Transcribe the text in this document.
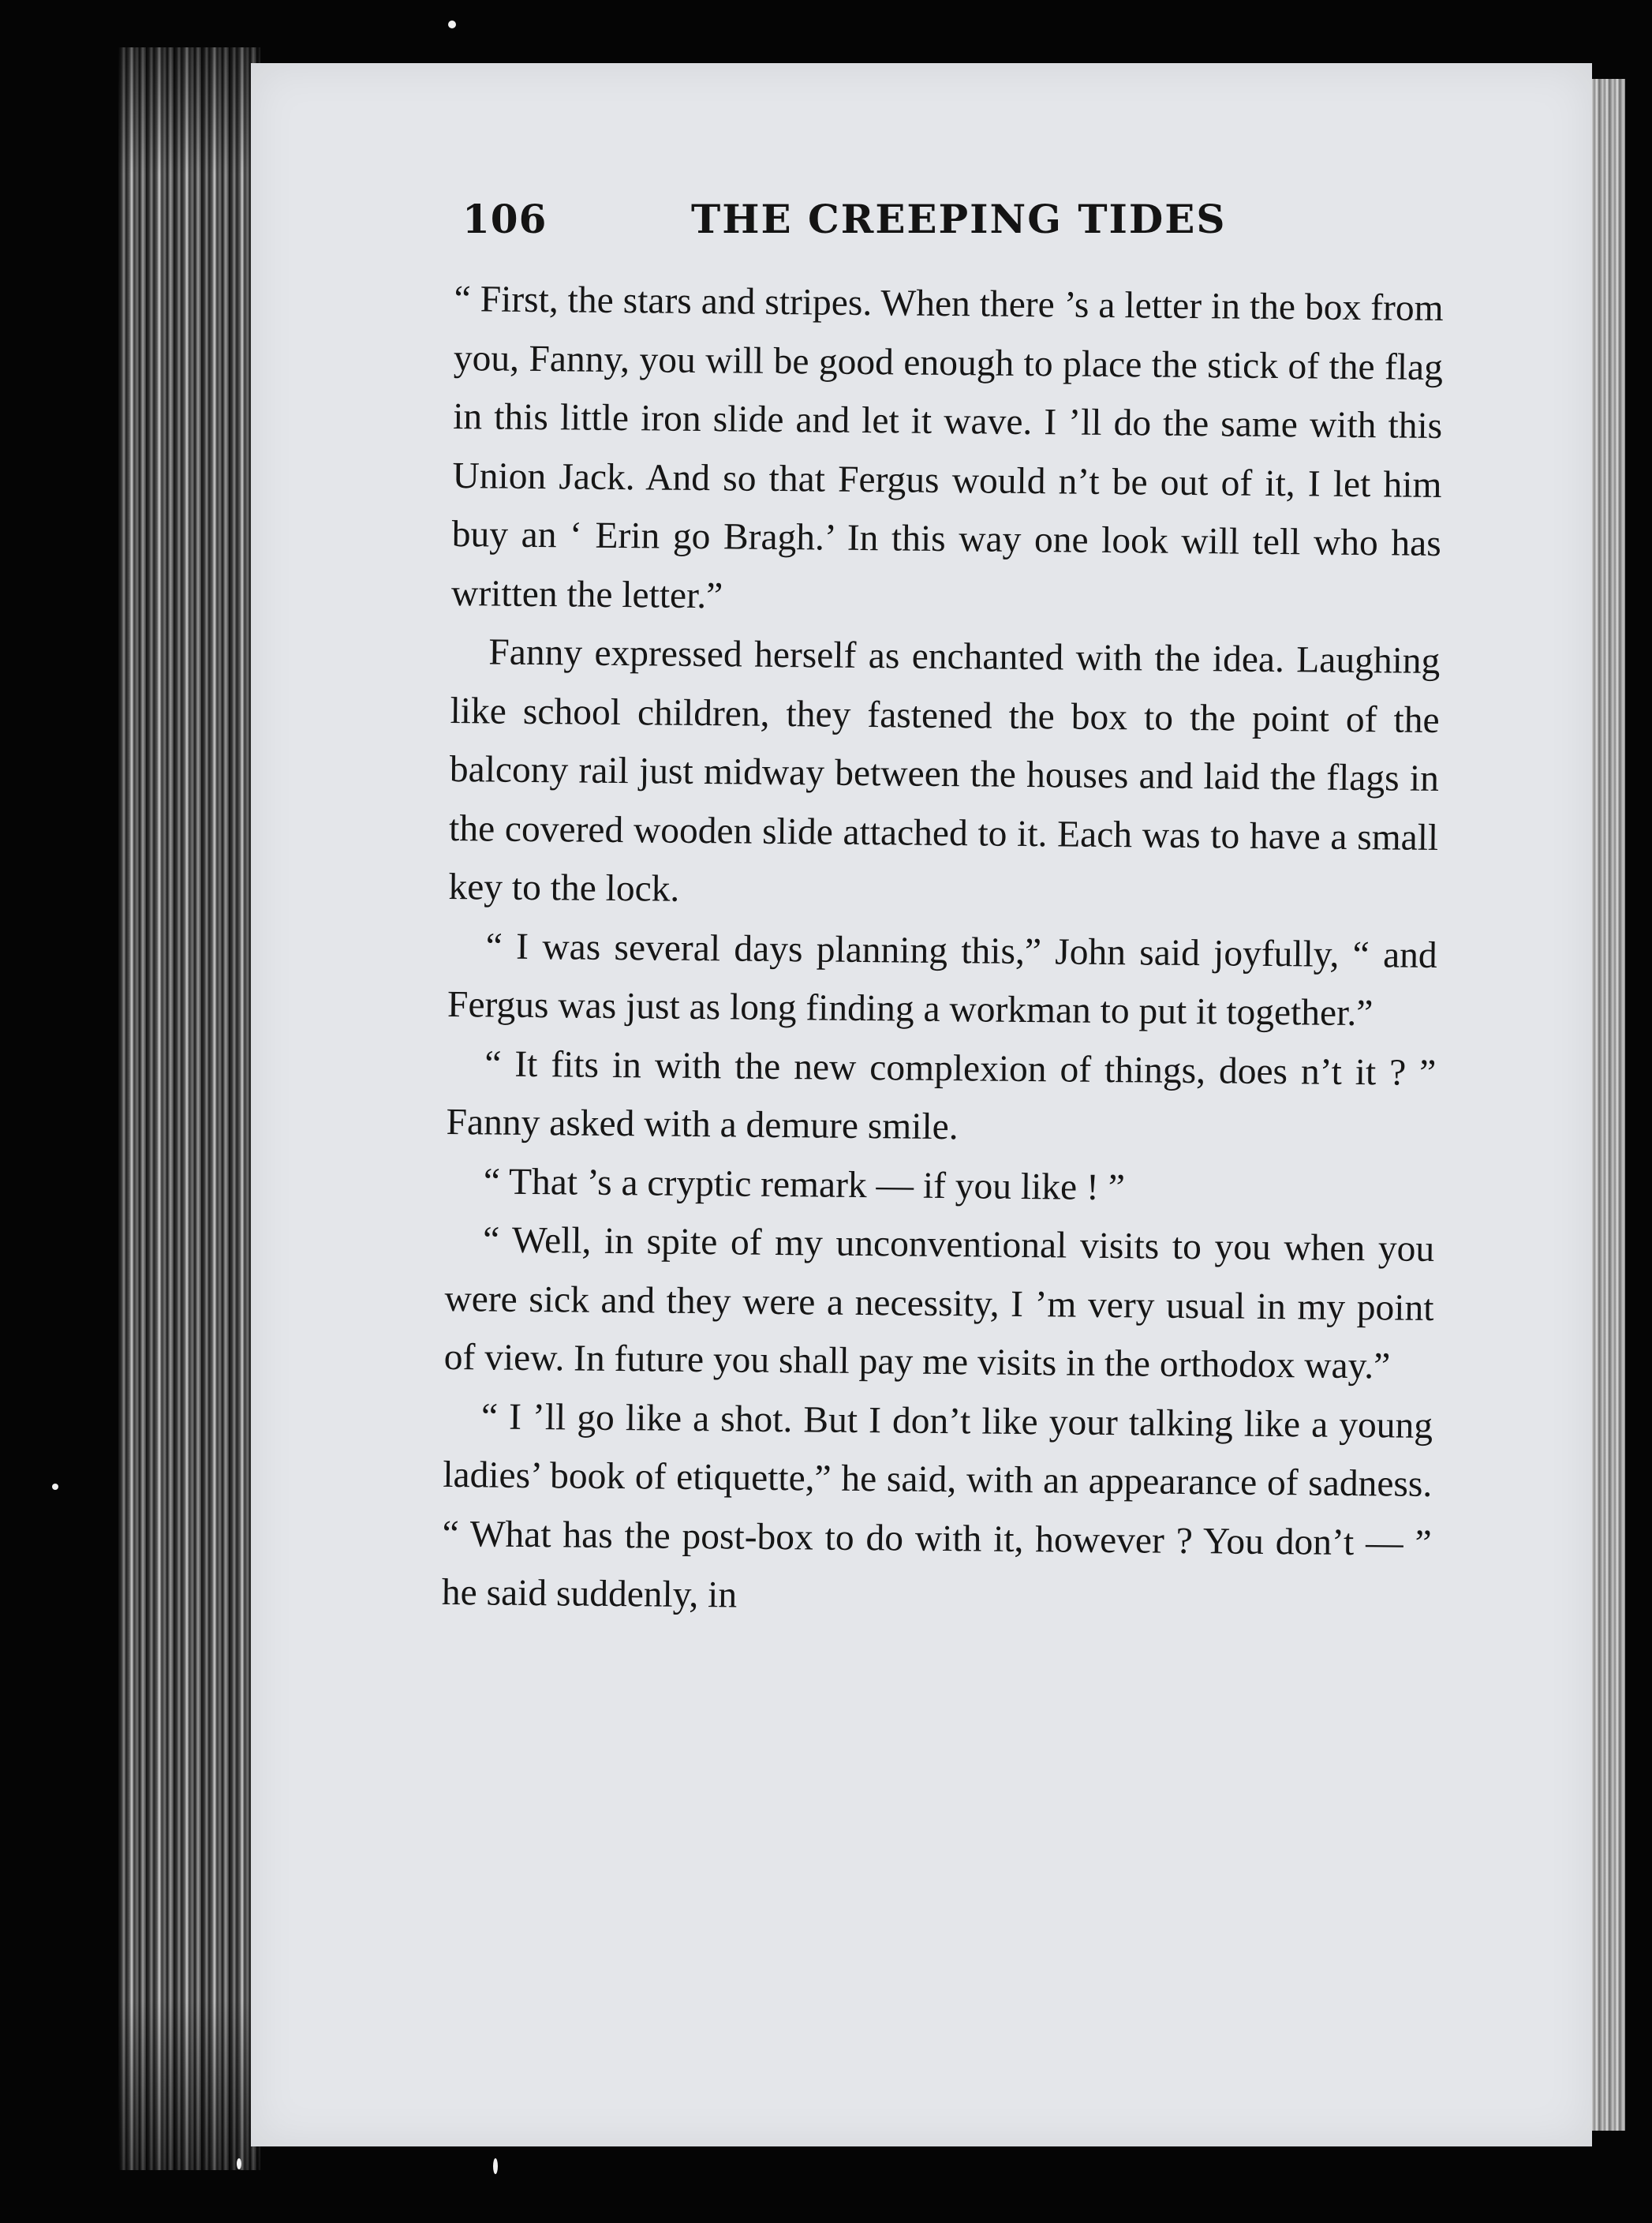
106	THE CREEPING TIDES

“ First, the stars and stripes. When there ’s a letter in the box from you, Fanny, you will be good enough to place the stick of the flag in this little iron slide and let it wave. I ’ll do the same with this Union Jack. And so that Fergus would n’t be out of it, I let him buy an ‘ Erin go Bragh.’ In this way one look will tell who has written the letter.”

Fanny expressed herself as enchanted with the idea. Laughing like school children, they fastened the box to the point of the balcony rail just midway between the houses and laid the flags in the covered wooden slide attached to it. Each was to have a small key to the lock.

“ I was several days planning this,” John said joyfully, “ and Fergus was just as long finding a workman to put it together.”

“ It fits in with the new complexion of things, does n’t it ? ” Fanny asked with a demure smile.

“ That ’s a cryptic remark — if you like ! ”

“ Well, in spite of my unconventional visits to you when you were sick and they were a necessity, I ’m very usual in my point of view. In future you shall pay me visits in the orthodox way.”

“ I ’ll go like a shot. But I don’t like your talking like a young ladies’ book of etiquette,” he said, with an appearance of sadness. “ What has the post-box to do with it, however ? You don’t — ” he said suddenly, in
